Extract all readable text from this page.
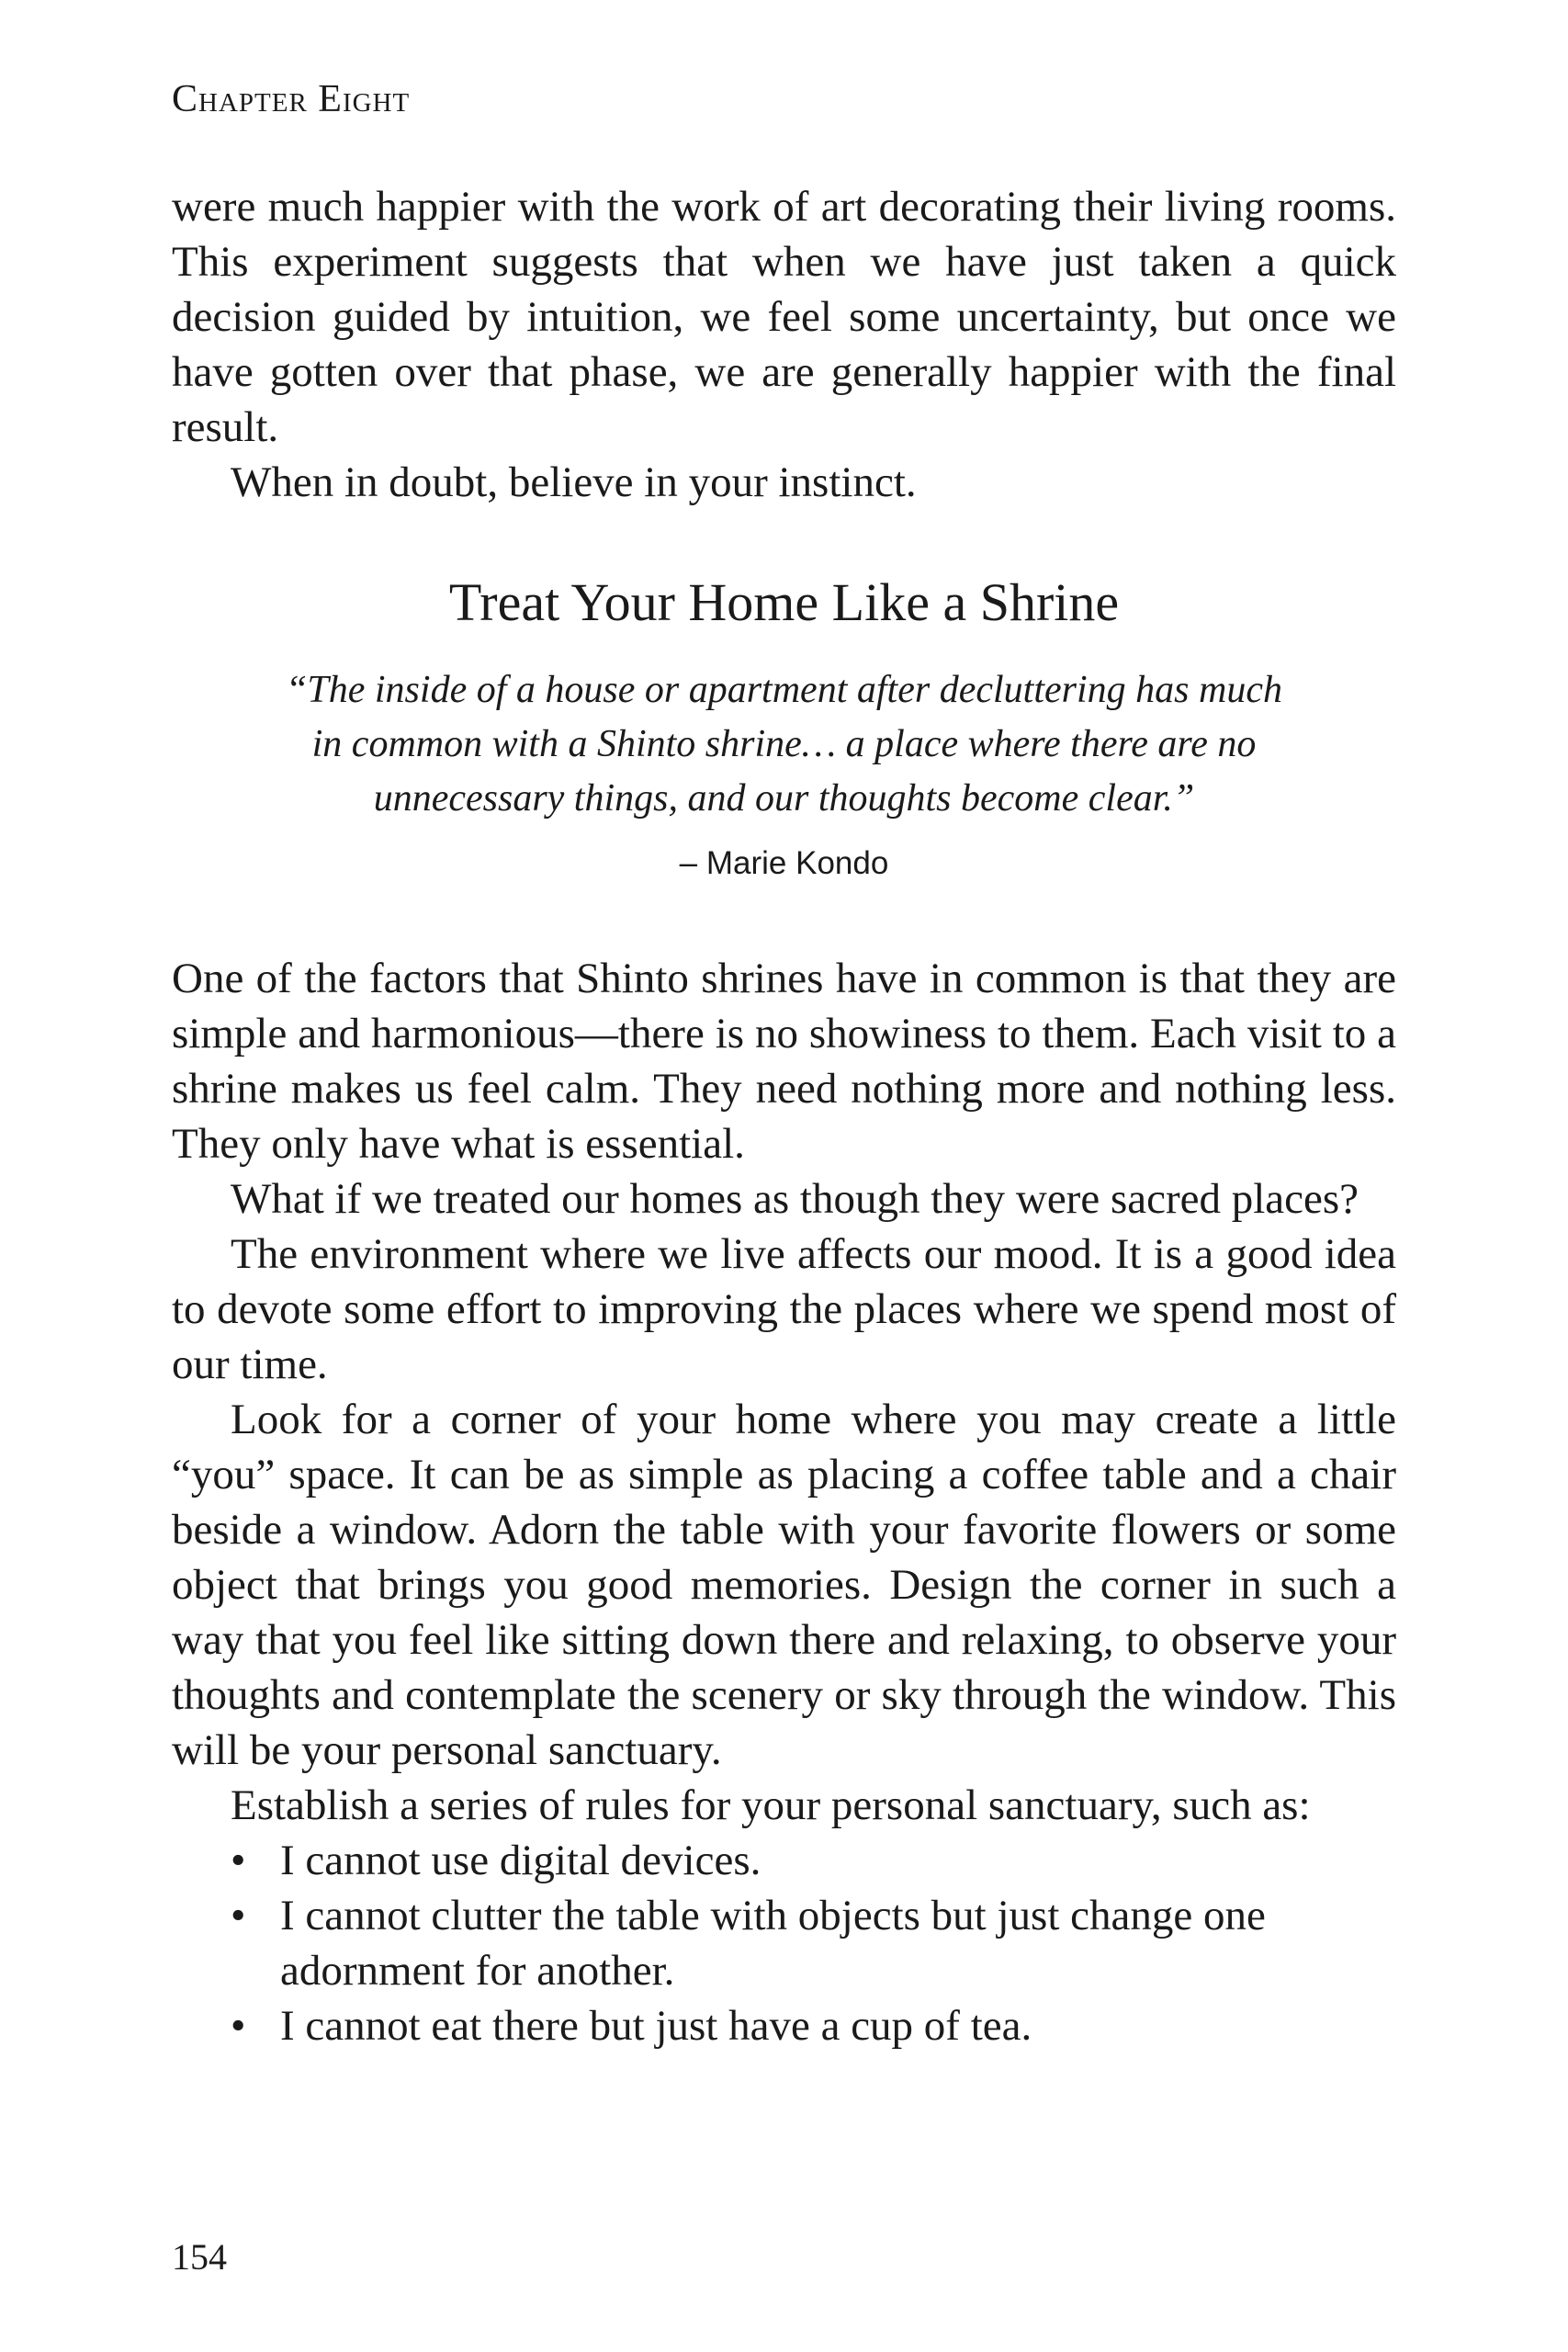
Chapter Eight

were much happier with the work of art decorating their living rooms. This experiment suggests that when we have just taken a quick decision guided by intuition, we feel some uncertainty, but once we have gotten over that phase, we are generally happier with the final result.

When in doubt, believe in your instinct.

Treat Your Home Like a Shrine
“The inside of a house or apartment after decluttering has much
in common with a Shinto shrine… a place where there are no
unnecessary things, and our thoughts become clear.”
– Marie Kondo

One of the factors that Shinto shrines have in common is that they are simple and harmonious—there is no showiness to them. Each visit to a shrine makes us feel calm. They need nothing more and nothing less. They only have what is essential.

What if we treated our homes as though they were sacred places?

The environment where we live affects our mood. It is a good idea to devote some effort to improving the places where we spend most of our time.

Look for a corner of your home where you may create a little “you” space. It can be as simple as placing a coffee table and a chair beside a window. Adorn the table with your favorite flowers or some object that brings you good memories. Design the corner in such a way that you feel like sitting down there and relaxing, to observe your thoughts and contemplate the scenery or sky through the window. This will be your personal sanctuary.

Establish a series of rules for your personal sanctuary, such as:

• I cannot use digital devices.
• I cannot clutter the table with objects but just change one adornment for another.
• I cannot eat there but just have a cup of tea.
154
